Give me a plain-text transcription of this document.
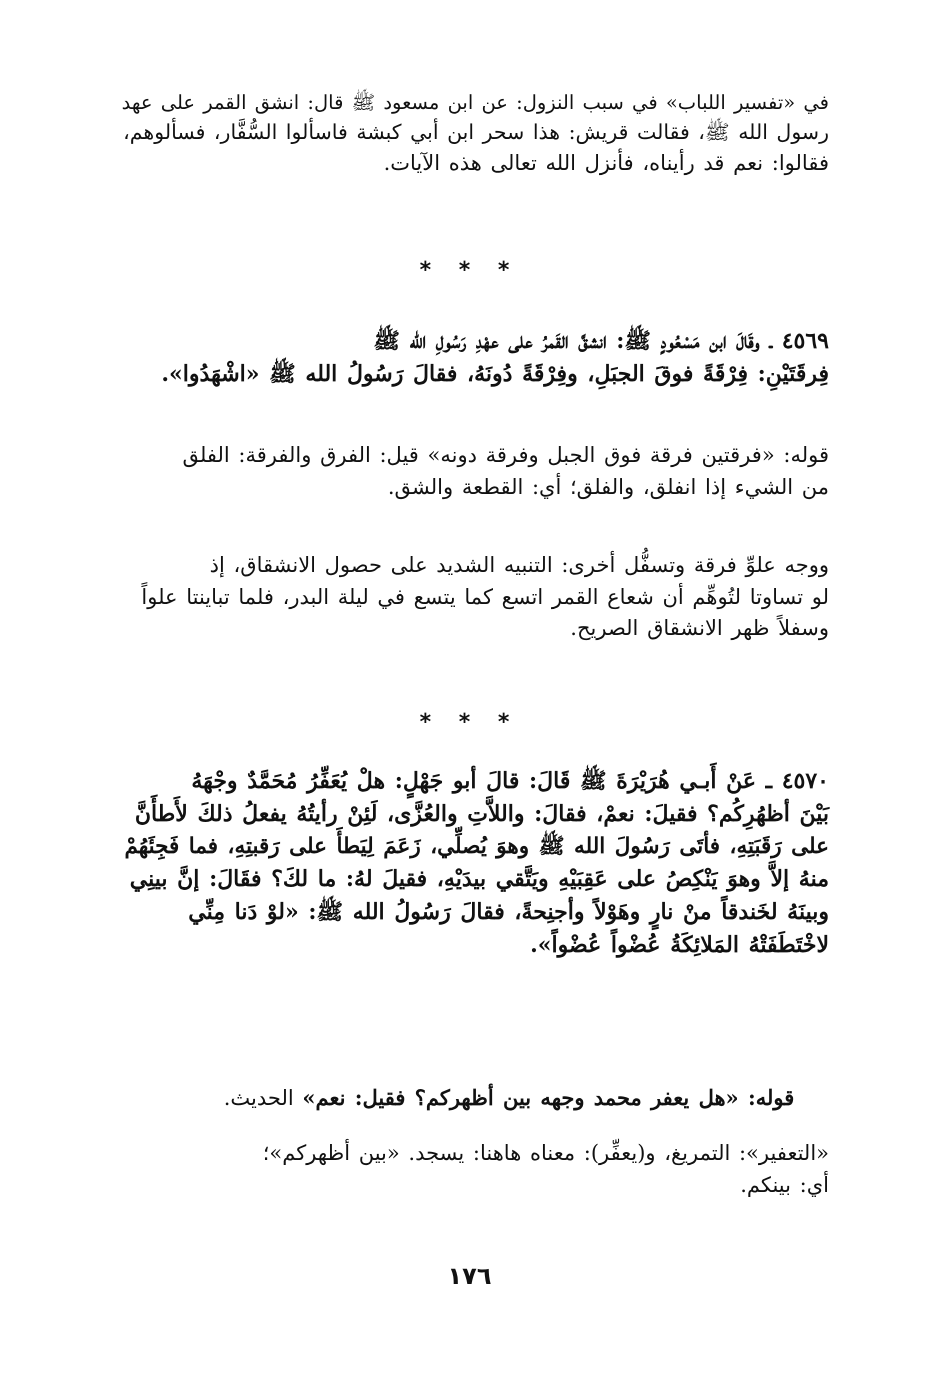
في «تفسير اللباب» في سبب النزول: عن ابن مسعود ﷺ قال: انشق القمر على عهد
رسول الله ﷺ، فقالت قريش: هذا سحر ابن أبي كبشة فاسألوا السُّفَّار، فسألوهم،
فقالوا: نعم قد رأيناه، فأنزل الله تعالى هذه الآيات.
* * *
٤٥٦٩ ـ وقَالَ ابن مَسْعُودٍ ﷺ: انشقَّ القَمرُ على عهْدِ رَسُولِ الله ﷺ
فِرقَتَيْنِ: فِرْقَةً فوقَ الجبَلِ، وفِرْقَةً دُونَهُ، فقالَ رَسُولُ الله ﷺ «اشْهَدُوا».
قوله: «فرقتين فرقة فوق الجبل وفرقة دونه» قيل: الفرق والفرقة: الفلق
من الشيء إذا انفلق، والفلق؛ أي: القطعة والشق.
ووجه علوِّ فرقة وتسفُّل أخرى: التنبيه الشديد على حصول الانشقاق، إذ
لو تساوتا لتُوهِّم أن شعاع القمر اتسع كما يتسع في ليلة البدر، فلما تباينتا علواً
وسفلاً ظهر الانشقاق الصريح.
* * *
٤٥٧٠ ـ عَنْ أَبـي هُرَيْرَةَ ﷺ قَالَ: قالَ أبو جَهْلٍ: هلْ يُعَفِّرُ مُحَمَّدٌ وجْهَهُ
بَيْنَ أظهُرِكُم؟ فقيلَ: نعمْ، فقالَ: واللاَّتِ والعُزَّى، لَئِنْ رأيتُهُ يفعلُ ذلكَ لأَطأَنَّ
على رَقَبَتِهِ، فأتَى رَسُولَ الله ﷺ وهوَ يُصلِّي، زَعَمَ لِيَطأَ على رَقبتِهِ، فما فَجِئَهُمْ
منهُ إلاَّ وهوَ يَنْكِصُ على عَقِبَيْهِ ويَتَّقي بيدَيْهِ، فقيلَ لهُ: ما لكَ؟ فقَالَ: إنَّ بينِي
وبينَهُ لخَندقاً منْ نارٍ وهَوْلاً وأجنِحةً، فقالَ رَسُولُ الله ﷺ: «لوْ دَنا مِنِّي
لاخْتَطَفَتْهُ المَلائِكَةُ عُضْواً عُضْواً».
قوله: «هل يعفر محمد وجهه بين أظهركم؟ فقيل: نعم» الحديث.
«التعفير»: التمريغ، و(يعفِّر): معناه هاهنا: يسجد. «بين أظهركم»؛
أي: بينكم.
١٧٦
